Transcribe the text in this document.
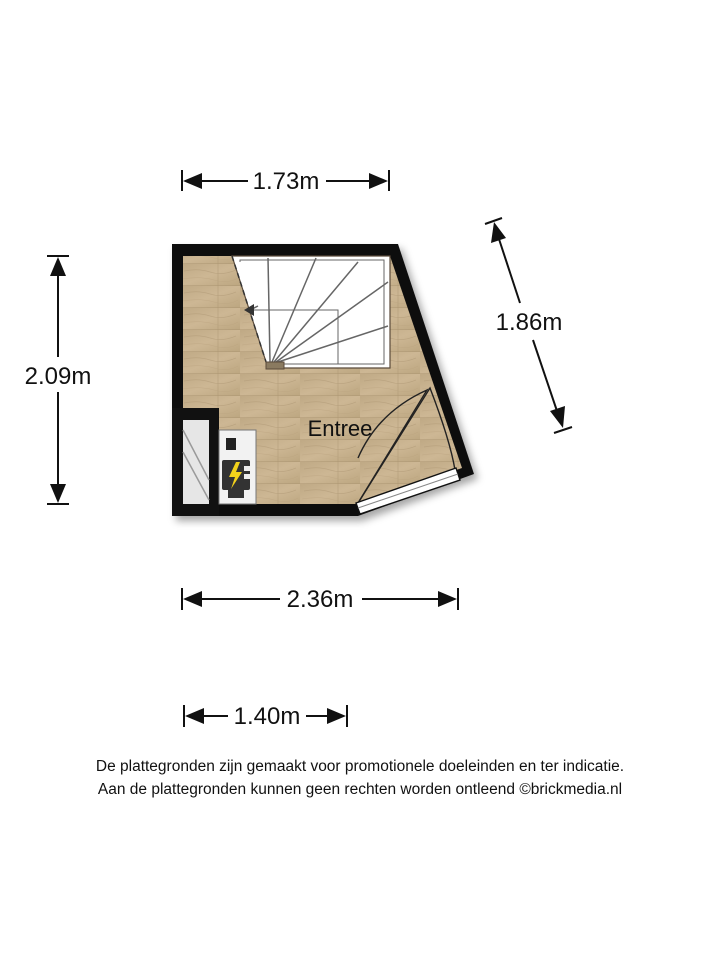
1.73m
2.09m
1.86m
Entree
2.36m
1.40m
De plattegronden zijn gemaakt voor promotionele doeleinden en ter indicatie.
Aan de plattegronden kunnen geen rechten worden ontleend ©brickmedia.nl
